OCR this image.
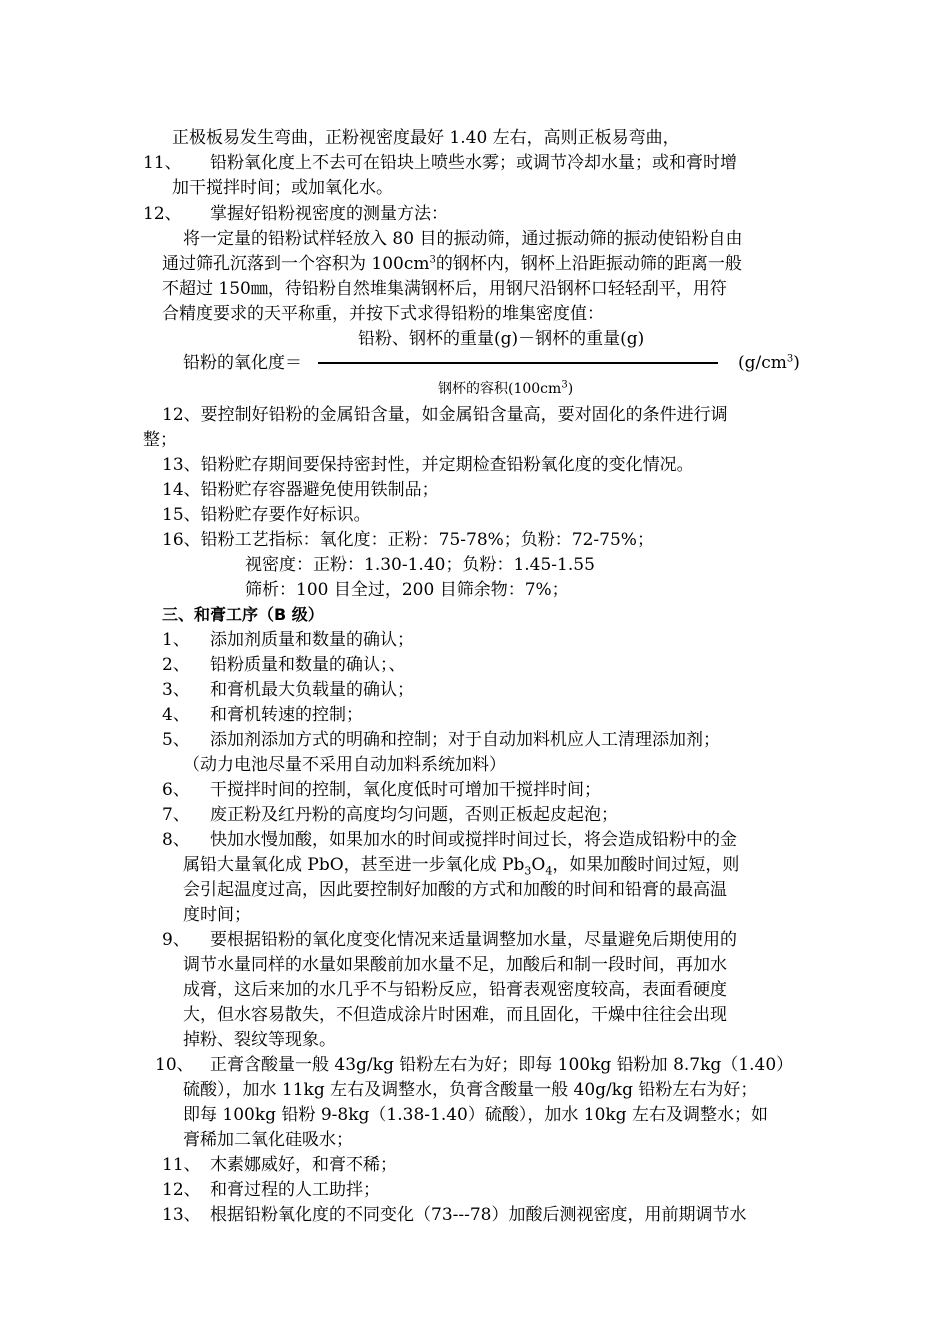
正极板易发生弯曲，正粉视密度最好 1.40 左右，高则正板易弯曲，
11、 铅粉氧化度上不去可在铅块上喷些水雾；或调节冷却水量；或和膏时增
加干搅拌时间；或加氧化水。
12、 掌握好铅粉视密度的测量方法：
将一定量的铅粉试样轻放入 80 目的振动筛，通过振动筛的振动使铅粉自由
通过筛孔沉落到一个容积为 $100cm^3$的钢杯内，钢杯上沿距振动筛的距离一般
不超过 150㎜，待铅粉自然堆集满钢杯后，用钢尺沿钢杯口轻轻刮平，用符
合精度要求的天平称重，并按下式求得铅粉的堆集密度值：
铅粉、钢杯的重量(g)－钢杯的重量(g)
铅粉的氧化度＝	$(g/cm^3)$
钢杯的容积$(100cm^3)$
12、要控制好铅粉的金属铅含量，如金属铅含量高，要对固化的条件进行调
整；
13、铅粉贮存期间要保持密封性，并定期检查铅粉氧化度的变化情况。
14、铅粉贮存容器避免使用铁制品；
15、铅粉贮存要作好标识。
16、铅粉工艺指标：氧化度：正粉：75-78%；负粉：72-75%；
视密度：正粉：1.30-1.40；负粉：1.45-1.55
筛析：100 目全过，200 目筛余物：7%；
三、和膏工序（B 级）
1、 添加剂质量和数量的确认；
2、 铅粉质量和数量的确认；、
3、 和膏机最大负载量的确认；
4、 和膏机转速的控制；
5、 添加剂添加方式的明确和控制；对于自动加料机应人工清理添加剂；
（动力电池尽量不采用自动加料系统加料）
6、 干搅拌时间的控制，氧化度低时可增加干搅拌时间；
7、 废正粉及红丹粉的高度均匀问题，否则正板起皮起泡；
8、 快加水慢加酸，如果加水的时间或搅拌时间过长，将会造成铅粉中的金
属铅大量氧化成 PbO，甚至进一步氧化成 $Pb_3O_4$，如果加酸时间过短，则
会引起温度过高，因此要控制好加酸的方式和加酸的时间和铅膏的最高温
度时间；
9、 要根据铅粉的氧化度变化情况来适量调整加水量，尽量避免后期使用的
调节水量同样的水量如果酸前加水量不足，加酸后和制一段时间，再加水
成膏，这后来加的水几乎不与铅粉反应，铅膏表观密度较高，表面看硬度
大，但水容易散失，不但造成涂片时困难，而且固化，干燥中往往会出现
掉粉、裂纹等现象。
10、 正膏含酸量一般 43g/kg 铅粉左右为好；即每 100kg 铅粉加 8.7kg（1.40）
硫酸），加水 11kg 左右及调整水，负膏含酸量一般 40g/kg 铅粉左右为好；
即每 100kg 铅粉 9-8kg（1.38-1.40）硫酸），加水 10kg 左右及调整水；如
膏稀加二氧化硅吸水；
11、 木素娜威好，和膏不稀；
12、 和膏过程的人工助拌；
13、 根据铅粉氧化度的不同变化（73---78）加酸后测视密度，用前期调节水
